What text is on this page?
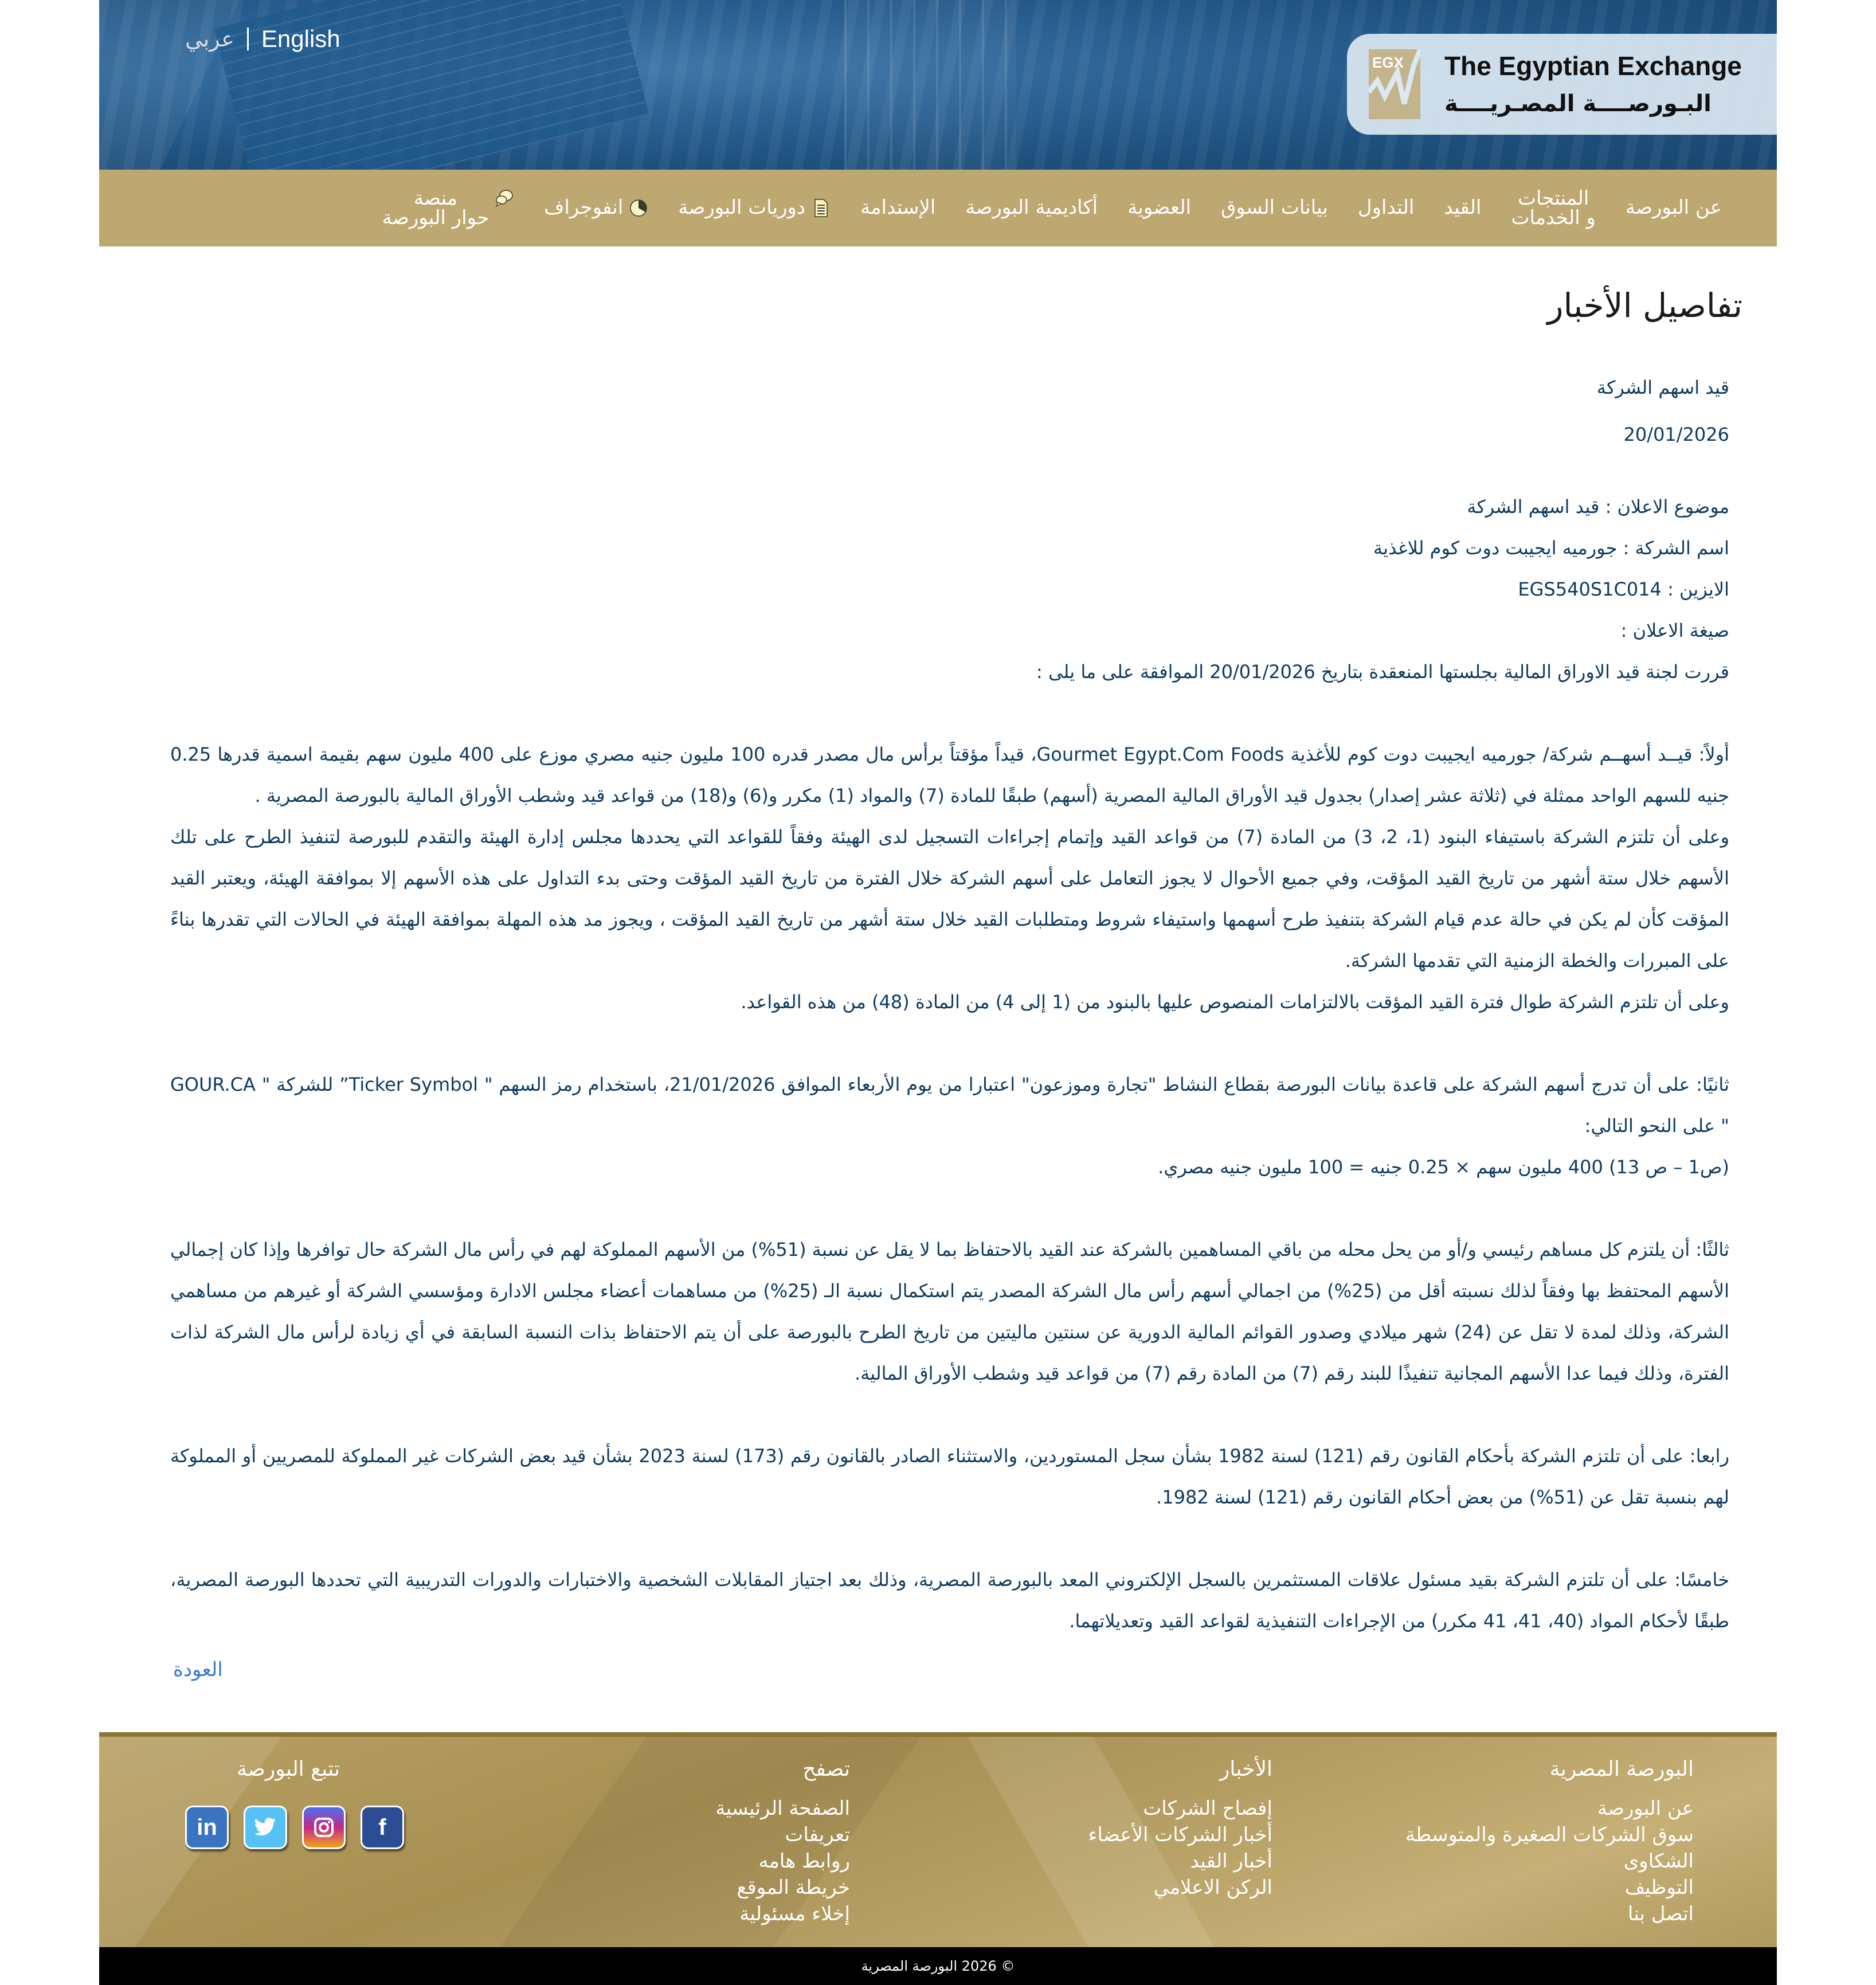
عربي English
EGX The Egyptian Exchange
البـورصــــة المصـريــــة
عن البورصة
المنتجات
و الخدمات
القيد
التداول
بيانات السوق
العضوية
أكاديمية البورصة
الإستدامة
دوريات البورصة
انفوجراف
منصة
حوار البورصة
تفاصيل الأخبار
قيد اسهم الشركة
20/01/2026
موضوع الاعلان : قيد اسهم الشركة
اسم الشركة : جورميه ايجيبت دوت كوم للاغذية
الايزين : EGS540S1C014
صيغة الاعلان :
قررت لجنة قيد الاوراق المالية بجلستها المنعقدة بتاريخ 20/01/2026 الموافقة على ما يلى :
أولاً: قيــد أسهــم شركة/ جورميه ايجيبت دوت كوم للأغذية Gourmet Egypt.Com Foods، قيداً مؤقتاً برأس مال مصدر قدره 100 مليون جنيه مصري موزع على 400 مليون سهم بقيمة اسمية قدرها 0.25 جنيه للسهم الواحد ممثلة في (ثلاثة عشر إصدار) بجدول قيد الأوراق المالية المصرية (أسهم) طبقًا للمادة (7) والمواد (1) مكرر و(6) و(18) من قواعد قيد وشطب الأوراق المالية بالبورصة المصرية .
وعلى أن تلتزم الشركة باستيفاء البنود (1، 2، 3) من المادة (7) من قواعد القيد وإتمام إجراءات التسجيل لدى الهيئة وفقاً للقواعد التي يحددها مجلس إدارة الهيئة والتقدم للبورصة لتنفيذ الطرح على تلك الأسهم خلال ستة أشهر من تاريخ القيد المؤقت، وفي جميع الأحوال لا يجوز التعامل على أسهم الشركة خلال الفترة من تاريخ القيد المؤقت وحتى بدء التداول على هذه الأسهم إلا بموافقة الهيئة، ويعتبر القيد المؤقت كأن لم يكن في حالة عدم قيام الشركة بتنفيذ طرح أسهمها واستيفاء شروط ومتطلبات القيد خلال ستة أشهر من تاريخ القيد المؤقت ، ويجوز مد هذه المهلة بموافقة الهيئة في الحالات التي تقدرها بناءً على المبررات والخطة الزمنية التي تقدمها الشركة.
وعلى أن تلتزم الشركة طوال فترة القيد المؤقت بالالتزامات المنصوص عليها بالبنود من (1 إلى 4) من المادة (48) من هذه القواعد.
ثانيًا: على أن تدرج أسهم الشركة على قاعدة بيانات البورصة بقطاع النشاط "تجارة وموزعون" اعتبارا من يوم الأربعاء الموافق 21/01/2026، باستخدام رمز السهم " Ticker Symbol” للشركة " GOUR.CA " على النحو التالي:
(ص1 – ص 13) 400 مليون سهم × 0.25 جنيه = 100 مليون جنيه مصري.
ثالثًا: أن يلتزم كل مساهم رئيسي و/أو من يحل محله من باقي المساهمين بالشركة عند القيد بالاحتفاظ بما لا يقل عن نسبة (51%) من الأسهم المملوكة لهم في رأس مال الشركة حال توافرها وإذا كان إجمالي الأسهم المحتفظ بها وفقاً لذلك نسبته أقل من (25%) من اجمالي أسهم رأس مال الشركة المصدر يتم استكمال نسبة الـ (25%) من مساهمات أعضاء مجلس الادارة ومؤسسي الشركة أو غيرهم من مساهمي الشركة، وذلك لمدة لا تقل عن (24) شهر ميلادي وصدور القوائم المالية الدورية عن سنتين ماليتين من تاريخ الطرح بالبورصة على أن يتم الاحتفاظ بذات النسبة السابقة في أي زيادة لرأس مال الشركة لذات الفترة، وذلك فيما عدا الأسهم المجانية تنفيذًا للبند رقم (7) من المادة رقم (7) من قواعد قيد وشطب الأوراق المالية.
رابعا: على أن تلتزم الشركة بأحكام القانون رقم (121) لسنة 1982 بشأن سجل المستوردين، والاستثناء الصادر بالقانون رقم (173) لسنة 2023 بشأن قيد بعض الشركات غير المملوكة للمصريين أو المملوكة لهم بنسبة تقل عن (51%) من بعض أحكام القانون رقم (121) لسنة 1982.
خامسًا: على أن تلتزم الشركة بقيد مسئول علاقات المستثمرين بالسجل الإلكتروني المعد بالبورصة المصرية، وذلك بعد اجتياز المقابلات الشخصية والاختبارات والدورات التدريبية التي تحددها البورصة المصرية، طبقًا لأحكام المواد (40، 41، 41 مكرر) من الإجراءات التنفيذية لقواعد القيد وتعديلاتهما.
العودة
البورصة المصرية
عن البورصة
سوق الشركات الصغيرة والمتوسطة
الشكاوى
التوظيف
اتصل بنا
الأخبار
إفصاح الشركات
أخبار الشركات الأعضاء
أخبار القيد
الركن الاعلامي
تصفح
الصفحة الرئيسية
تعريفات
روابط هامه
خريطة الموقع
إخلاء مسئولية
تتبع البورصة
in	f
© 2026 البورصة المصرية
